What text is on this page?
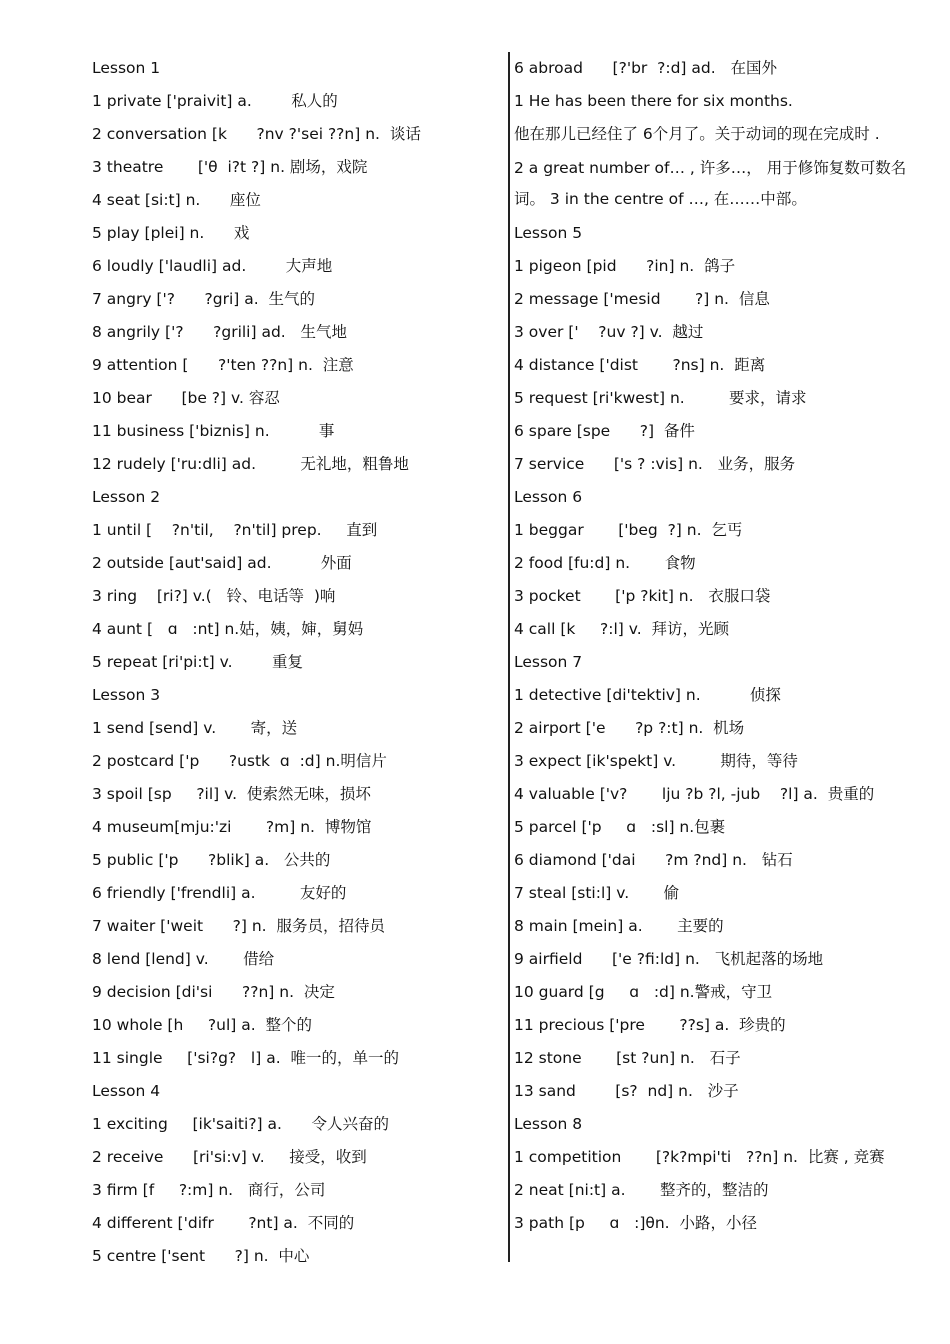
Lesson 1
1 private ['praivit] a.        私人的
2 conversation [k      ?nv ?'sei ??n] n.  谈话
3 theatre       ['θ  i?t ?] n. 剧场，戏院
4 seat [si:t] n.      座位
5 play [plei] n.      戏
6 loudly ['laudli] ad.        大声地
7 angry ['?      ?gri] a.  生气的
8 angrily ['?      ?grili] ad.   生气地
9 attention [      ?'ten ??n] n.  注意
10 bear      [be ?] v. 容忍
11 business ['biznis] n.          事
12 rudely ['ru:dli] ad.         无礼地，粗鲁地
Lesson 2
1 until [    ?n'til,    ?n'til] prep.     直到
2 outside [aut'said] ad.          外面
3 ring    [ri?] v.(   铃、电话等  )响
4 aunt [   ɑ   :nt] n.姑，姨，婶，舅妈
5 repeat [ri'pi:t] v.        重复
Lesson 3
1 send [send] v.       寄，送
2 postcard ['p      ?ustk  ɑ  :d] n.明信片
3 spoil [sp     ?il] v.  使索然无味，损坏
4 museum[mju:'zi       ?m] n.  博物馆
5 public ['p      ?blik] a.   公共的
6 friendly ['frendli] a.         友好的
7 waiter ['weit      ?] n.  服务员，招待员
8 lend [lend] v.       借给
9 decision [di'si      ??n] n.  决定
10 whole [h     ?ul] a.  整个的
11 single     ['si?g?   l] a.  唯一的，单一的
Lesson 4
1 exciting     [ik'saiti?] a.      令人兴奋的
2 receive      [ri'si:v] v.     接受，收到
3 firm [f     ?:m] n.   商行，公司
4 different ['difr       ?nt] a.  不同的
5 centre ['sent      ?] n.  中心
6 abroad      [?'br  ?:d] ad.   在国外
1 He has been there for six months.
他在那儿已经住了 6个月了。关于动词的现在完成时 .
2 a great number of… , 许多…， 用于修饰复数可数名词。 3 in the centre of …, 在……中部。
Lesson 5
1 pigeon [pid      ?in] n.  鸽子
2 message ['mesid       ?] n.  信息
3 over ['    ?uv ?] v.  越过
4 distance ['dist       ?ns] n.  距离
5 request [ri'kwest] n.         要求，请求
6 spare [spe      ?]  备件
7 service      ['s ? :vis] n.   业务，服务
Lesson 6
1 beggar       ['beg  ?] n.  乞丐
2 food [fu:d] n.       食物
3 pocket       ['p ?kit] n.   衣服口袋
4 call [k     ?:l] v.  拜访，光顾
Lesson 7
1 detective [di'tektiv] n.          侦探
2 airport ['e      ?p ?:t] n.  机场
3 expect [ik'spekt] v.         期待，等待
4 valuable ['v?       lju ?b ?l, -jub    ?l] a.  贵重的
5 parcel ['p     ɑ   :sl] n.包裹
6 diamond ['dai      ?m ?nd] n.   钻石
7 steal [sti:l] v.       偷
8 main [mein] a.       主要的
9 airfield      ['e ?fi:ld] n.   飞机起落的场地
10 guard [g     ɑ   :d] n.警戒，守卫
11 precious ['pre       ??s] a.  珍贵的
12 stone       [st ?un] n.   石子
13 sand        [s?  nd] n.   沙子
Lesson 8
1 competition       [?k?mpi'ti   ??n] n.  比赛 , 竞赛
2 neat [ni:t] a.       整齐的，整洁的
3 path [p     ɑ   :]θn.  小路，小径
